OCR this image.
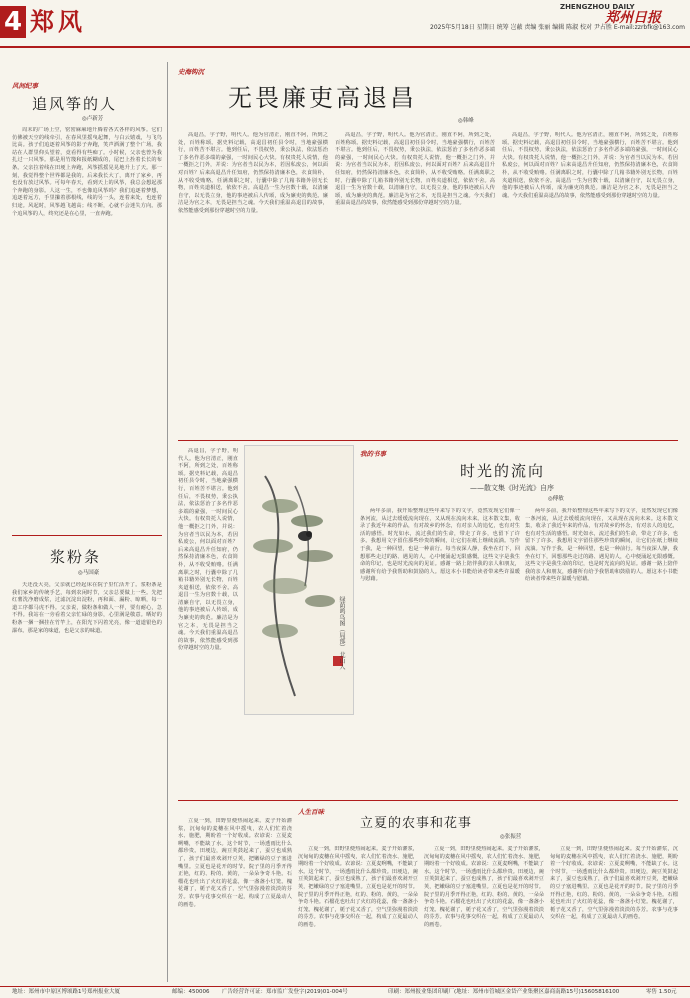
4 郑风	ZHENGZHOU DAILY
郑州日报
2025年5月18日 星期日 统筹 岂蔽 责编 张丽 编辑 陈淑 校对 尹占胜 E-mail:zzrbfk@163.com
风间纪事
追风筝的人
◎卢新芳
周末的广场上空，密密麻麻地升腾着各式各样的风筝。它们仿佛被天空的线牵引，在春风里摇曳起舞，与白云嬉戏，与飞鸟比高。孩子们追逐着风筝的影子奔跑，笑声洒满了整个广场。我站在人群里仰头望着，竟看得有些痴了。小时候，父亲也曾为我扎过一只风筝。那是用竹篾和报纸糊成的，尾巴上拴着长长的布条。父亲拉着线在田埂上奔跑，风筝摇摇晃晃地升上了天。那一刻，我觉得整个世界都是我的。后来我长大了，离开了家乡，再也没有放过风筝。可每年春天，看到天上的风筝，我总会想起那个奔跑的身影。人这一生，不也像追风筝吗？我们追逐着梦想，追逐着远方，手里攥着那根线，线的另一头，连着来处，也连着归途。风起时，风筝越飞越高；线不断，心就不会迷失方向。那个追风筝的人，终究还是在心里，一直奔跑。
浆粉条
◎马国豪
天还没大亮，父亲就已经起床在院子里忙活开了。浆粉条是我们家乡的传统手艺，每到农闲时节，父亲总要做上一些。先把红薯洗净磨成浆，过滤沉淀出淀粉，再和面、漏粉、晾晒，每一道工序都马虎不得。父亲说，做粉条和做人一样，要有耐心，急不得。我站在一旁看着父亲忙碌的身影，心里满是敬意。晒好的粉条一捆一捆挂在竹竿上，在阳光下闪着光亮，像一道道银色的瀑布。那是家的味道，也是父亲的味道。
史海钩沉
无畏廉吏高退昌
◎韩峰
高退昌，字子野，明代人。他为官清正，刚直不阿，所到之处，百姓称颂。据史料记载，高退昌初任县令时，当地豪强横行，百姓苦不堪言。他到任后，不畏权势，秉公执法，依法惩治了多名作恶多端的豪强，一时间民心大快。有权贵托人说情，他一概拒之门外，并说：为官者当以民为本，若因私废公，何以面对百姓？后来高退昌升任知府，仍然保持清廉本色，衣食简朴，从不收受贿赂。任满离职之时，行囊中除了几箱书籍外别无长物，百姓夹道相送，依依不舍。高退昌一生为官数十载，以清廉自守，以无畏立身，他的事迹被后人传颂，成为廉吏的典范。廉洁是为官之本，无畏是担当之魂。今天我们重温高退昌的故事，依然能感受到那份穿越时空的力量。
高退昌，字子野，明代人。他为官清正，刚直不阿，所到之处，百姓称颂。据史料记载，高退昌初任县令时，当地豪强横行，百姓苦不堪言。他到任后，不畏权势，秉公执法，依法惩治了多名作恶多端的豪强，一时间民心大快。有权贵托人说情，他一概拒之门外，并说：为官者当以民为本，若因私废公，何以面对百姓？后来高退昌升任知府，仍然保持清廉本色，衣食简朴，从不收受贿赂。任满离职之时，行囊中除了几箱书籍外别无长物，百姓夹道相送，依依不舍。高退昌一生为官数十载，以清廉自守，以无畏立身，他的事迹被后人传颂，成为廉吏的典范。廉洁是为官之本，无畏是担当之魂。今天我们重温高退昌的故事，依然能感受到那份穿越时空的力量。
高退昌，字子野，明代人。他为官清正，刚直不阿，所到之处，百姓称颂。据史料记载，高退昌初任县令时，当地豪强横行，百姓苦不堪言。他到任后，不畏权势，秉公执法，依法惩治了多名作恶多端的豪强，一时间民心大快。有权贵托人说情，他一概拒之门外，并说：为官者当以民为本，若因私废公，何以面对百姓？后来高退昌升任知府，仍然保持清廉本色，衣食简朴，从不收受贿赂。任满离职之时，行囊中除了几箱书籍外别无长物，百姓夹道相送，依依不舍。高退昌一生为官数十载，以清廉自守，以无畏立身，他的事迹被后人传颂，成为廉吏的典范。廉洁是为官之本，无畏是担当之魂。今天我们重温高退昌的故事，依然能感受到那份穿越时空的力量。
高退昌，字子野，明代人。他为官清正，刚直不阿，所到之处，百姓称颂。据史料记载，高退昌初任县令时，当地豪强横行，百姓苦不堪言。他到任后，不畏权势，秉公执法，依法惩治了多名作恶多端的豪强，一时间民心大快。有权贵托人说情，他一概拒之门外，并说：为官者当以民为本，若因私废公，何以面对百姓？后来高退昌升任知府，仍然保持清廉本色，衣食简朴，从不收受贿赂。任满离职之时，行囊中除了几箱书籍外别无长物，百姓夹道相送，依依不舍。高退昌一生为官数十载，以清廉自守，以无畏立身，他的事迹被后人传颂，成为廉吏的典范。廉洁是为官之本，无畏是担当之魂。今天我们重温高退昌的故事，依然能感受到那份穿越时空的力量。	绿荫鸣鸟图（局部） 北山人
我的书事
时光的流向
——散文集《时光流》自序
◎傅敏
两年多前，我开始整理这些年来写下的文字，竟然发现它们像一条河流，从过去缓缓流向现在，又从现在流向未来。这本散文集，收录了我近年来的作品，有对故乡的怀念，有对亲人的追忆，也有对生活的感悟。时光如水，流过我们的生命，带走了许多，也留下了许多。我想用文字留住那些珍贵的瞬间，让它们在纸上继续流淌。写作于我，是一种回望，也是一种前行。每当夜深人静，我坐在灯下，回想那些走过的路、遇见的人，心中便涌起无限感慨。这些文字是我生命的印记，也是时光流向的见证。感谢一路上陪伴我的亲人和朋友，感谢所有给予我帮助和鼓励的人。愿这本小书能给读者带来些许温暖与慰藉。
两年多前，我开始整理这些年来写下的文字，竟然发现它们像一条河流，从过去缓缓流向现在，又从现在流向未来。这本散文集，收录了我近年来的作品，有对故乡的怀念，有对亲人的追忆，也有对生活的感悟。时光如水，流过我们的生命，带走了许多，也留下了许多。我想用文字留住那些珍贵的瞬间，让它们在纸上继续流淌。写作于我，是一种回望，也是一种前行。每当夜深人静，我坐在灯下，回想那些走过的路、遇见的人，心中便涌起无限感慨。这些文字是我生命的印记，也是时光流向的见证。感谢一路上陪伴我的亲人和朋友，感谢所有给予我帮助和鼓励的人。愿这本小书能给读者带来些许温暖与慰藉。
人生百味
立夏的农事和花事
◎张振营
立夏一到，田野里便热闹起来。麦子开始灌浆，沉甸甸的麦穗在风中摇曳，农人们忙着浇水、施肥，期盼着一个好收成。农谚说：立夏麦咧嘴，不能缺了水。这个时节，一场透雨比什么都珍贵。田埂边，豌豆荚鼓起来了，蚕豆也成熟了，孩子们最喜欢剥开豆荚，把嫩绿的豆子塞进嘴里。立夏也是花开的时节。院子里的月季开得正艳，红的、粉的、黄的，一朵朵争奇斗艳。石榴花也吐出了火红的花蕊，像一盏盏小灯笼。槐花谢了，栀子花又香了，空气里弥漫着淡淡的芬芳。农事与花事交织在一起，构成了立夏最动人的画卷。
立夏一到，田野里便热闹起来。麦子开始灌浆，沉甸甸的麦穗在风中摇曳，农人们忙着浇水、施肥，期盼着一个好收成。农谚说：立夏麦咧嘴，不能缺了水。这个时节，一场透雨比什么都珍贵。田埂边，豌豆荚鼓起来了，蚕豆也成熟了，孩子们最喜欢剥开豆荚，把嫩绿的豆子塞进嘴里。立夏也是花开的时节。院子里的月季开得正艳，红的、粉的、黄的，一朵朵争奇斗艳。石榴花也吐出了火红的花蕊，像一盏盏小灯笼。槐花谢了，栀子花又香了，空气里弥漫着淡淡的芬芳。农事与花事交织在一起，构成了立夏最动人的画卷。
立夏一到，田野里便热闹起来。麦子开始灌浆，沉甸甸的麦穗在风中摇曳，农人们忙着浇水、施肥，期盼着一个好收成。农谚说：立夏麦咧嘴，不能缺了水。这个时节，一场透雨比什么都珍贵。田埂边，豌豆荚鼓起来了，蚕豆也成熟了，孩子们最喜欢剥开豆荚，把嫩绿的豆子塞进嘴里。立夏也是花开的时节。院子里的月季开得正艳，红的、粉的、黄的，一朵朵争奇斗艳。石榴花也吐出了火红的花蕊，像一盏盏小灯笼。槐花谢了，栀子花又香了，空气里弥漫着淡淡的芬芳。农事与花事交织在一起，构成了立夏最动人的画卷。
立夏一到，田野里便热闹起来。麦子开始灌浆，沉甸甸的麦穗在风中摇曳，农人们忙着浇水、施肥，期盼着一个好收成。农谚说：立夏麦咧嘴，不能缺了水。这个时节，一场透雨比什么都珍贵。田埂边，豌豆荚鼓起来了，蚕豆也成熟了，孩子们最喜欢剥开豆荚，把嫩绿的豆子塞进嘴里。立夏也是花开的时节。院子里的月季开得正艳，红的、粉的、黄的，一朵朵争奇斗艳。石榴花也吐出了火红的花蕊，像一盏盏小灯笼。槐花谢了，栀子花又香了，空气里弥漫着淡淡的芬芳。农事与花事交织在一起，构成了立夏最动人的画卷。
地址：郑州市中原区博颂路1号郑州报业大厦	邮编：450006 广告经营许可证：郑市监广发登字(2019)01-004号	印刷：郑州报业集团印刷厂(地址：郑州市管城区金岱产业集聚区嘉商南路15号)15605816100	零售 1.50元
